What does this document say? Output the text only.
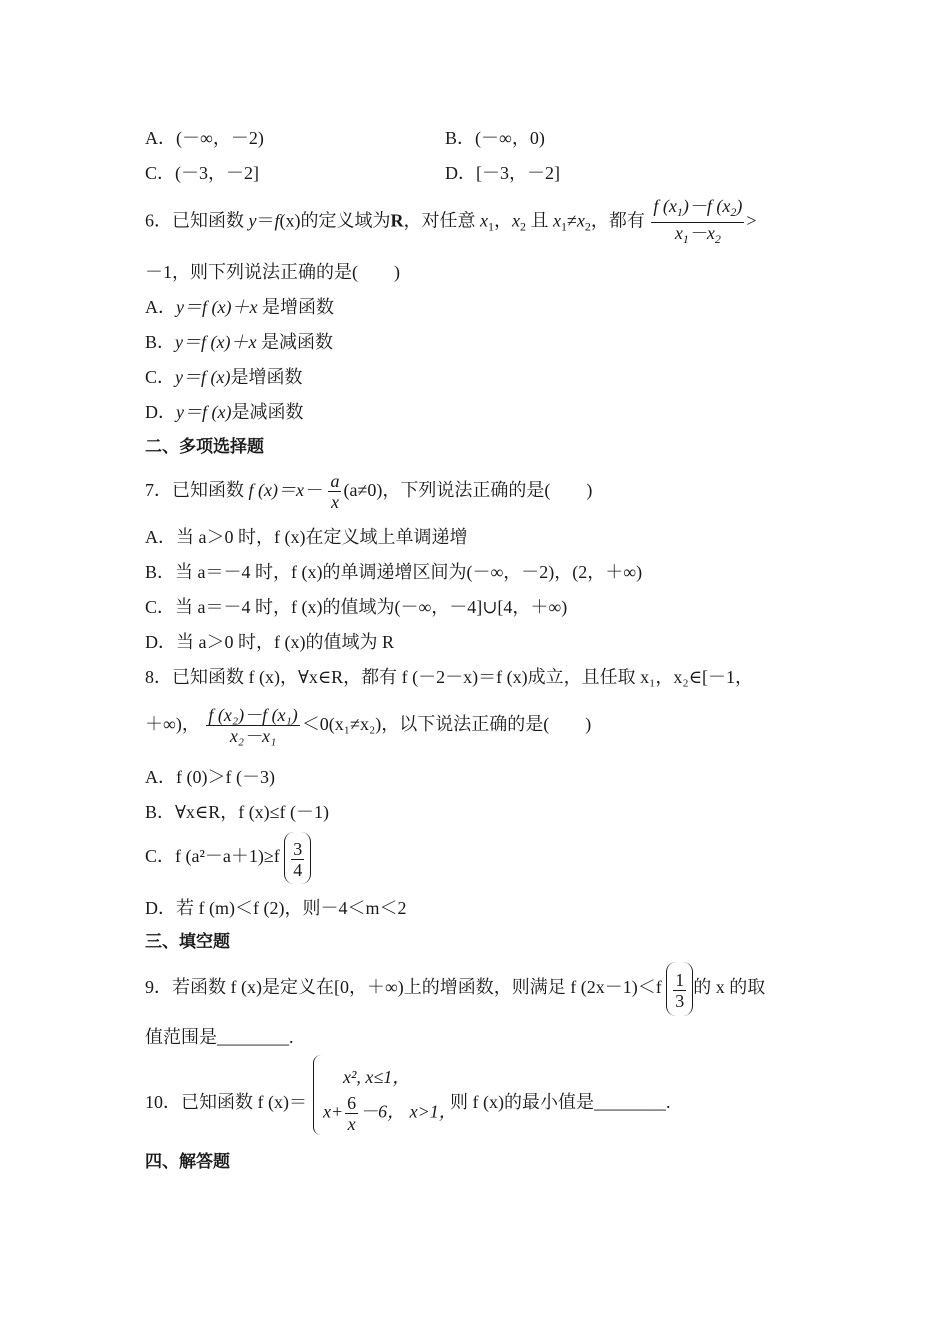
A．(－∞，－2)	B．(－∞，0)
C．(－3，－2]	D．[－3，－2]
6．已知函数 y＝f(x)的定义域为R，对任意 $x_1$，$x_2$ 且 $x_1\ne x_2$，都有 $\frac{f (x_1)-f (x_2)}{x_1-x_2}$ >
－1，则下列说法正确的是(　　)
A．y＝f (x)＋x 是增函数
B．y＝f (x)＋x 是减函数
C．y＝f (x)是增函数
D．y＝f (x)是减函数
二、多项选择题
7．已知函数 f $(x)=x- \frac{a}{x} (a\ne 0)$，下列说法正确的是(　　)
A．当 a＞0 时，f (x)在定义域上单调递增
B．当 a＝－4 时，f (x)的单调递增区间为(－∞，－2)，(2，＋∞)
C．当 a＝－4 时，f (x)的值域为(－∞，－4]∪[4，＋∞)
D．当 a＞0 时，f (x)的值域为 R
8．已知函数 f (x)，∀x∈R，都有 f (－2－x)＝f (x)成立，且任取 x₁，x₂∈[－1，
＋∞)， $\frac{\text{f (x₂)－f (x₁)}}{\text{x₂－x₁}} <0(x_1\ne x_2)$，以下说法正确的是(　　)
A．f (0)＞f (－3)
B．∀x∈R，f (x)≤f (－1)
C．f $(a^2-a+1)\ge f \frac{3}{4}$
D．若 f (m)＜f (2)，则－4＜m＜2
三、填空题
9．若函数 f (x)是定义在[0，＋∞)上的增函数，则满足 f $(2x-1)<f \frac{1}{3}$ 的 x 的取
值范围是________.
10．已知函数 f (x)＝
x², x≤1，
$x+ \frac{6}{x} -6$， x>1，
则 f (x)的最小值是________.
四、解答题
